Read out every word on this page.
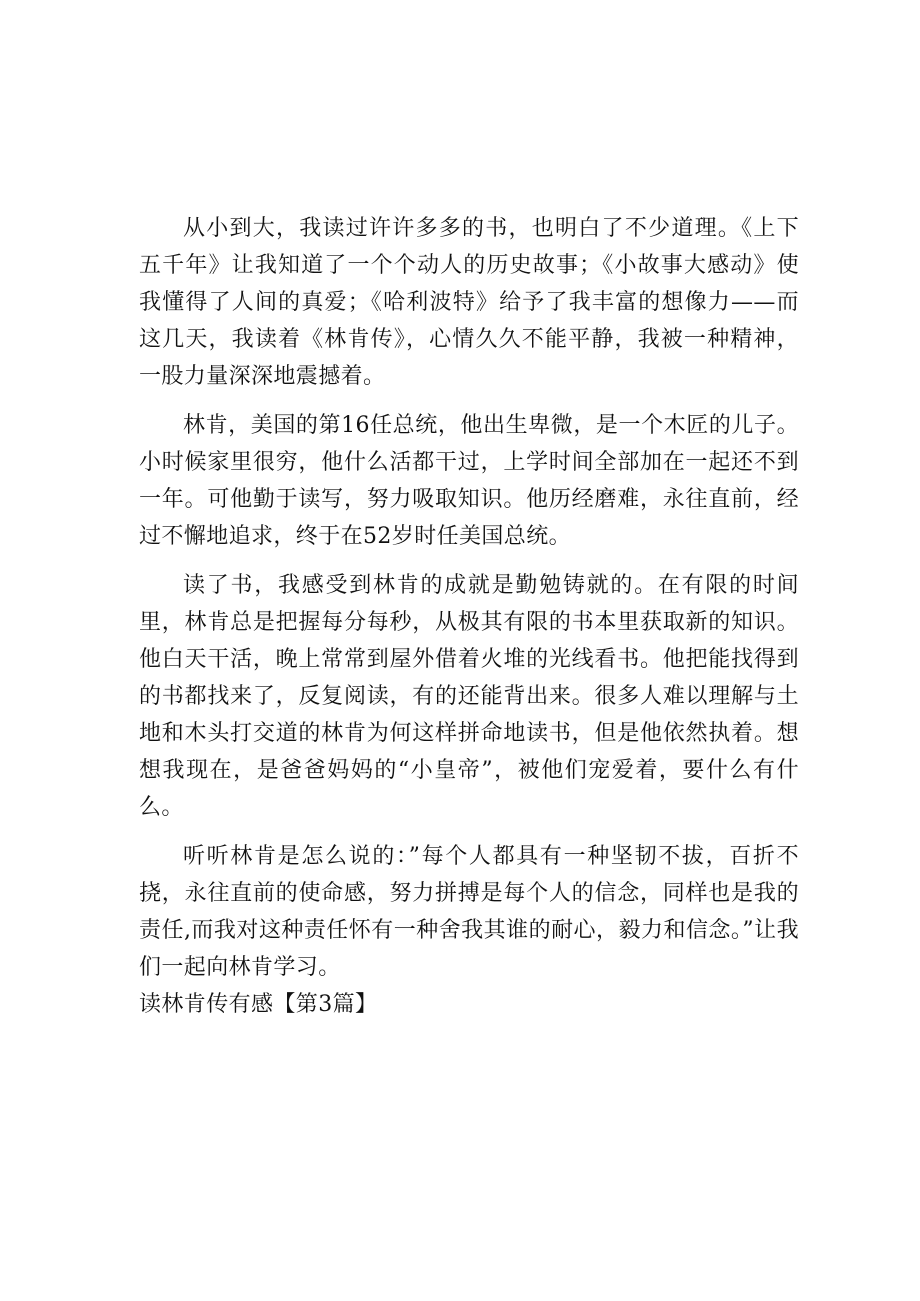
从小到大，我读过许许多多的书，也明白了不少道理。《上下五千年》让我知道了一个个动人的历史故事；《小故事大感动》使我懂得了人间的真爱；《哈利波特》给予了我丰富的想像力——而这几天，我读着《林肯传》，心情久久不能平静，我被一种精神，一股力量深深地震撼着。

林肯，美国的第16任总统，他出生卑微，是一个木匠的儿子。小时候家里很穷，他什么活都干过，上学时间全部加在一起还不到一年。可他勤于读写，努力吸取知识。他历经磨难，永往直前，经过不懈地追求，终于在52岁时任美国总统。

读了书，我感受到林肯的成就是勤勉铸就的。在有限的时间里，林肯总是把握每分每秒，从极其有限的书本里获取新的知识。他白天干活，晚上常常到屋外借着火堆的光线看书。他把能找得到的书都找来了，反复阅读，有的还能背出来。很多人难以理解与土地和木头打交道的林肯为何这样拼命地读书，但是他依然执着。想想我现在，是爸爸妈妈的“小皇帝”，被他们宠爱着，要什么有什么。

听听林肯是怎么说的：”每个人都具有一种坚韧不拔，百折不挠，永往直前的使命感，努力拼搏是每个人的信念，同样也是我的责任,而我对这种责任怀有一种舍我其谁的耐心，毅力和信念。”让我们一起向林肯学习。

读林肯传有感【第3篇】
